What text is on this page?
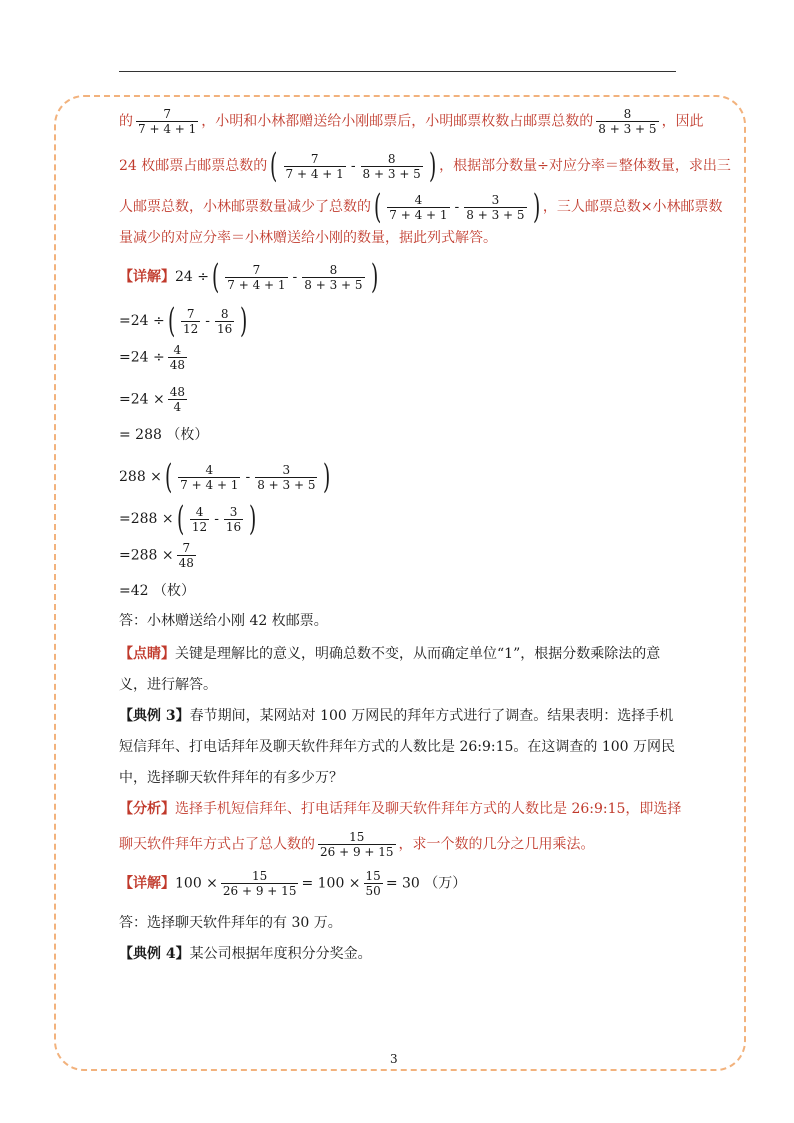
的 $\frac{7}{7 + 4 + 1}$ ，小明和小林都赠送给小刚邮票后，小明邮票枚数占邮票总数的 $\frac{8}{8 + 3 + 5}$ ，因此
24 枚邮票占邮票总数的( $\frac{7}{7 + 4 + 1} - \frac{8}{8 + 3 + 5}$ ) ，根据部分数量÷对应分率＝整体数量，求出三
人邮票总数，小林邮票数量减少了总数的( $\frac{4}{7 + 4 + 1} - \frac{3}{8 + 3 + 5}$ ) ，三人邮票总数×小林邮票数
量减少的对应分率＝小林赠送给小刚的数量，据此列式解答。
【详解】24 ÷( $\frac{7}{7 + 4 + 1} - \frac{8}{8 + 3 + 5}$ )
=24 ÷( $\frac{7}{12} - \frac{8}{16}$ )
$=24 \div \frac{4}{48}$
$=24 \times \frac{48}{4}$
= 288 （枚）
288 ×( $\frac{4}{7 + 4 + 1} - \frac{3}{8 + 3 + 5}$ )
=288 ×( $\frac{4}{12} - \frac{3}{16}$ )
$=288 \times \frac{7}{48}$
=42 （枚）
答：小林赠送给小刚 42 枚邮票。
【点睛】关键是理解比的意义，明确总数不变，从而确定单位“1”，根据分数乘除法的意
义，进行解答。
【典例 3】春节期间，某网站对 100 万网民的拜年方式进行了调查。结果表明：选择手机
短信拜年、打电话拜年及聊天软件拜年方式的人数比是 26:9:15。在这调查的 100 万网民
中，选择聊天软件拜年的有多少万？
【分析】选择手机短信拜年、打电话拜年及聊天软件拜年方式的人数比是 26:9:15，即选择
聊天软件拜年方式占了总人数的 $\frac{15}{26 + 9 + 15}$ ，求一个数的几分之几用乘法。
【详解】$100 \times \frac{15}{26 + 9 + 15} = 100 \times \frac{15}{50} = 30$ （万）
答：选择聊天软件拜年的有 30 万。
【典例 4】某公司根据年度积分分奖金。
3
